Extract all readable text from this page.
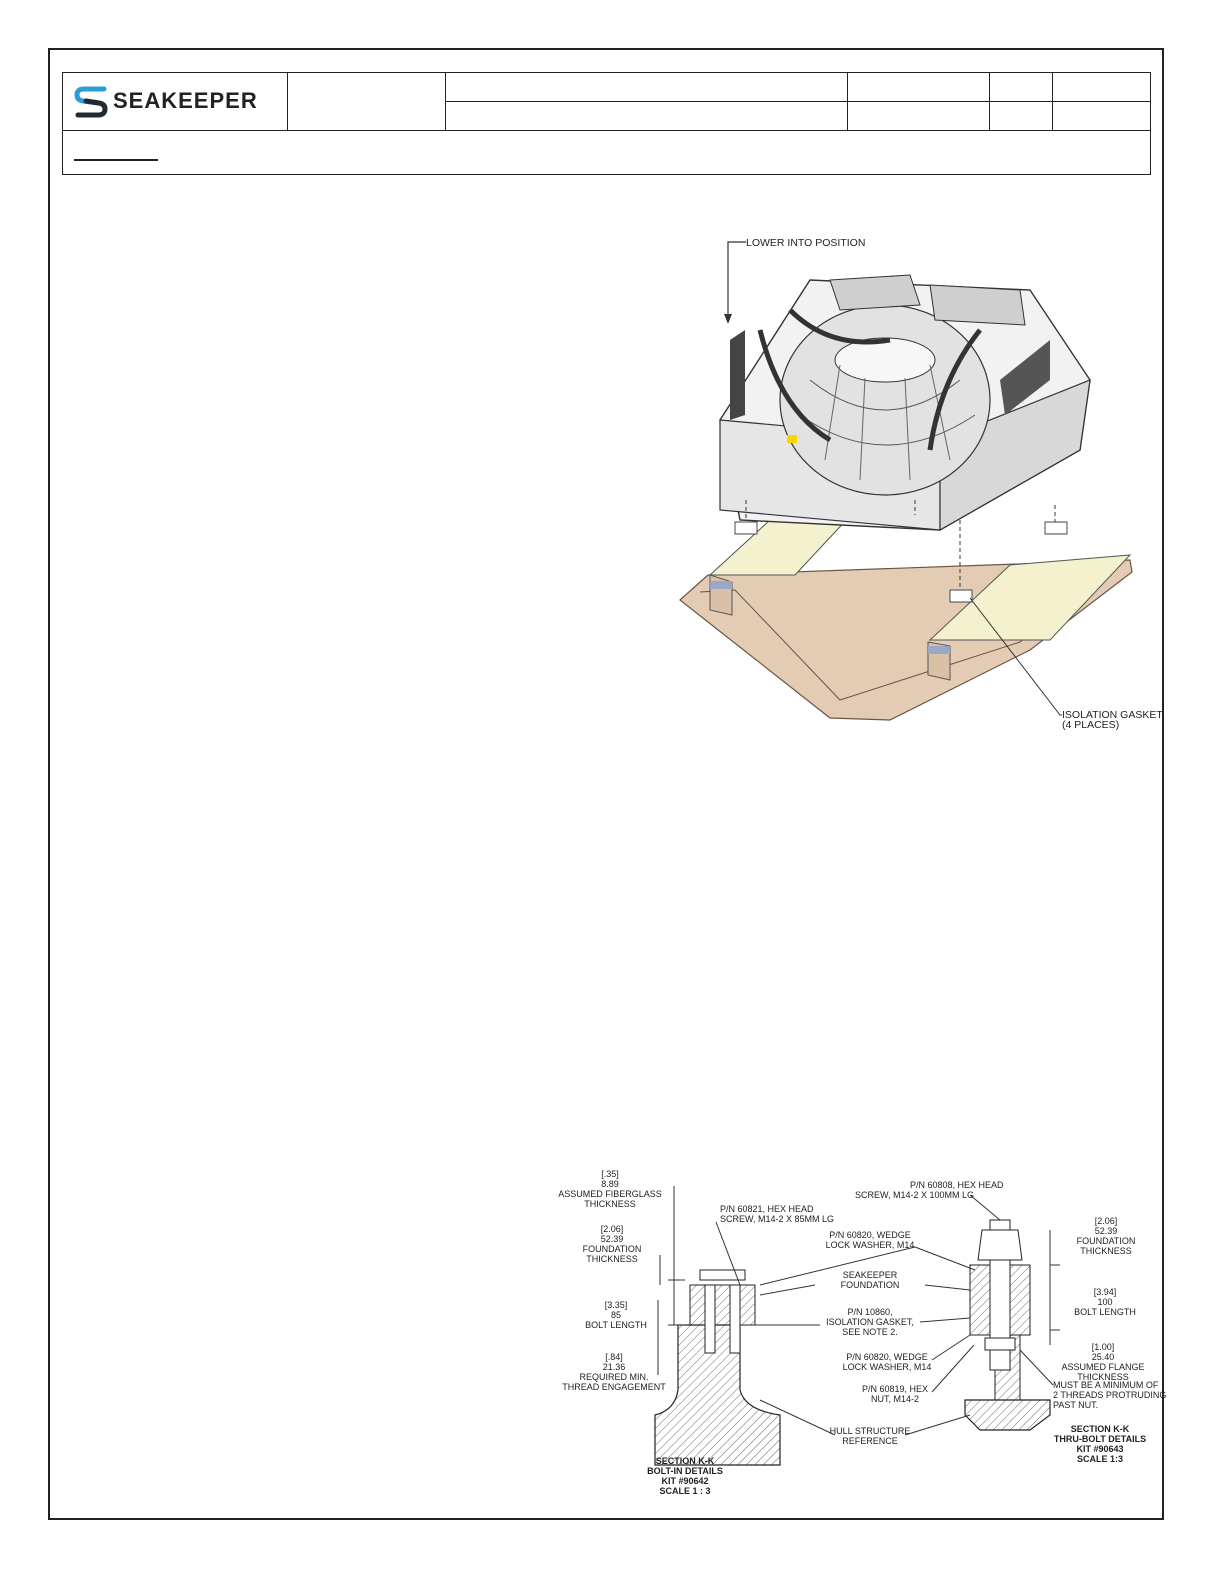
SEAKEEPER
LOWER INTO POSITION
ISOLATION GASKET
(4 PLACES)
[.35]
8.89
ASSUMED FIBERGLASS
THICKNESS
[2.06]
52.39
FOUNDATION
THICKNESS
[3.35]
85
BOLT LENGTH
[.84]
21.36
REQUIRED MIN.
THREAD ENGAGEMENT
P/N 60821, HEX HEAD
SCREW, M14-2 X 85MM LG
SECTION K-K
BOLT-IN DETAILS
KIT #90642
SCALE 1 : 3
P/N 60820, WEDGE
LOCK WASHER, M14
SEAKEEPER
FOUNDATION
P/N 10860,
ISOLATION GASKET,
SEE NOTE 2.
P/N 60820, WEDGE
LOCK WASHER, M14
P/N 60819, HEX
NUT, M14-2
HULL STRUCTURE
REFERENCE
P/N 60808, HEX HEAD
SCREW, M14-2 X 100MM LG
[2.06]
52.39
FOUNDATION
THICKNESS
[3.94]
100
BOLT LENGTH
[1.00]
25.40
ASSUMED FLANGE
THICKNESS
MUST BE A MINIMUM OF
2 THREADS PROTRUDING
PAST NUT.
SECTION K-K
THRU-BOLT DETAILS
KIT #90643
SCALE 1:3
